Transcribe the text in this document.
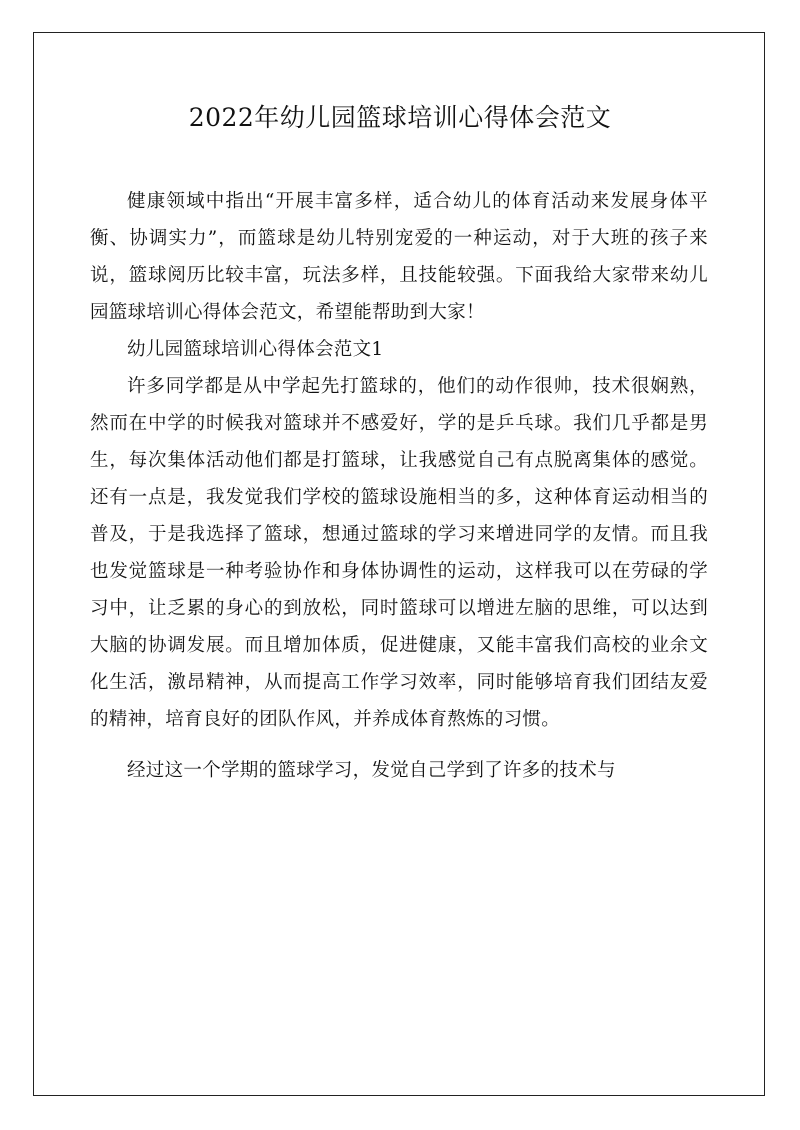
2022年幼儿园篮球培训心得体会范文

健康领域中指出“开展丰富多样，适合幼儿的体育活动来发展身体平衡、协调实力”，而篮球是幼儿特别宠爱的一种运动，对于大班的孩子来说，篮球阅历比较丰富，玩法多样，且技能较强。下面我给大家带来幼儿园篮球培训心得体会范文，希望能帮助到大家！

幼儿园篮球培训心得体会范文1

许多同学都是从中学起先打篮球的，他们的动作很帅，技术很娴熟，然而在中学的时候我对篮球并不感爱好，学的是乒乓球。我们几乎都是男生，每次集体活动他们都是打篮球，让我感觉自己有点脱离集体的感觉。还有一点是，我发觉我们学校的篮球设施相当的多，这种体育运动相当的普及，于是我选择了篮球，想通过篮球的学习来增进同学的友情。而且我也发觉篮球是一种考验协作和身体协调性的运动，这样我可以在劳碌的学习中，让乏累的身心的到放松，同时篮球可以增进左脑的思维，可以达到大脑的协调发展。而且增加体质，促进健康，又能丰富我们高校的业余文化生活，激昂精神，从而提高工作学习效率，同时能够培育我们团结友爱的精神，培育良好的团队作风，并养成体育熬炼的习惯。

经过这一个学期的篮球学习，发觉自己学到了许多的技术与
